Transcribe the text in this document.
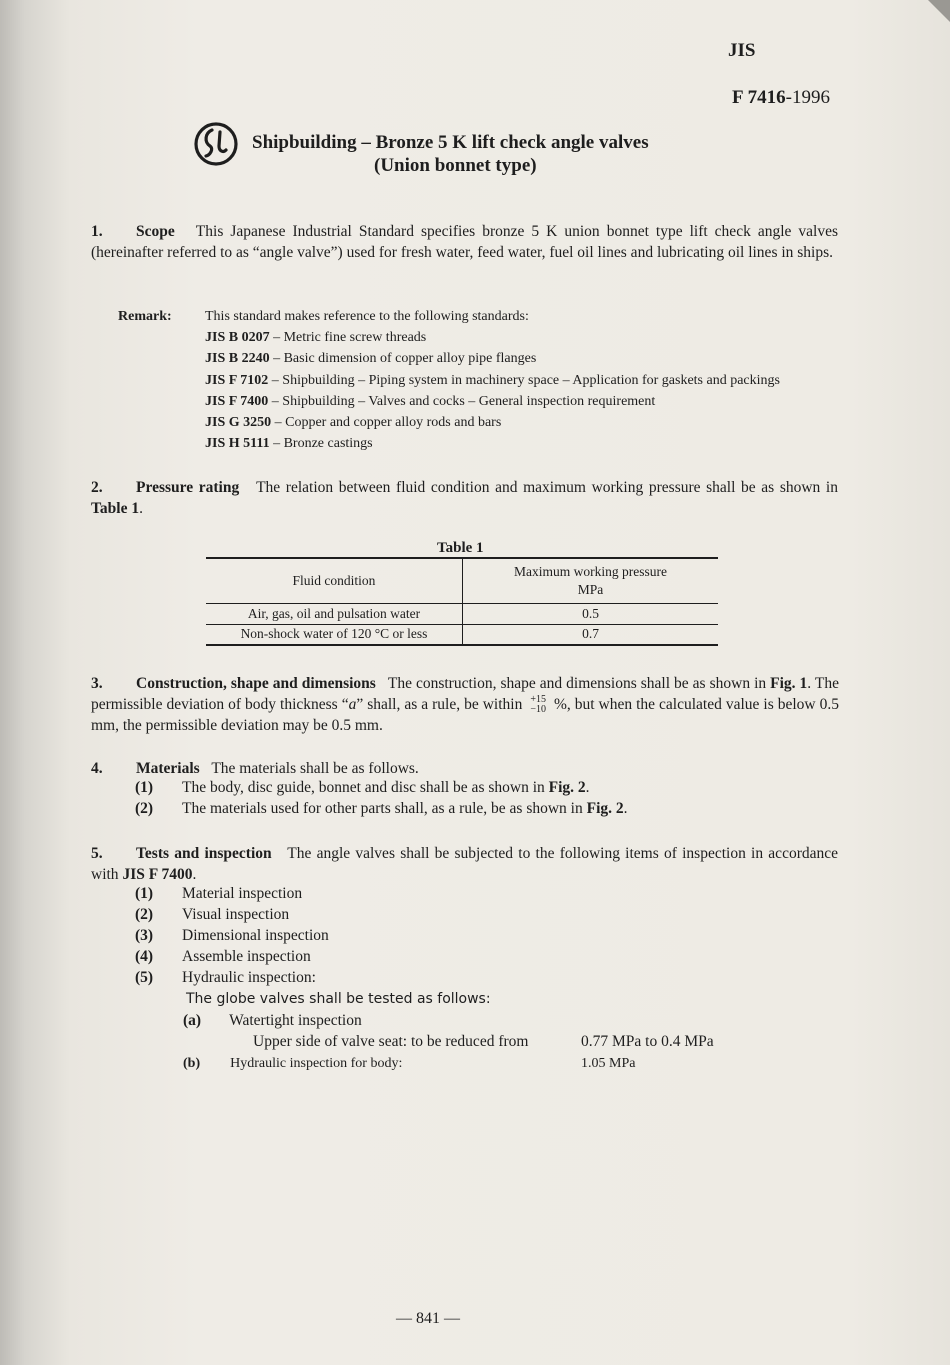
JIS
F 7416-1996
Shipbuilding – Bronze 5 K lift check angle valves
(Union bonnet type)
1. Scope This Japanese Industrial Standard specifies bronze 5 K union bonnet type lift check angle valves (hereinafter referred to as “angle valve”) used for fresh water, feed water, fuel oil lines and lubricating oil lines in ships.
Remark: This standard makes reference to the following standards:
JIS B 0207 – Metric fine screw threads
JIS B 2240 – Basic dimension of copper alloy pipe flanges
JIS F 7102 – Shipbuilding – Piping system in machinery space – Application for gaskets and packings
JIS F 7400 – Shipbuilding – Valves and cocks – General inspection requirement
JIS G 3250 – Copper and copper alloy rods and bars
JIS H 5111 – Bronze castings
2. Pressure rating The relation between fluid condition and maximum working pressure shall be as shown in Table 1.
Table 1
Fluid condition	Maximum working pressure
MPa
Air, gas, oil and pulsation water	0.5
Non-shock water of 120 °C or less	0.7
3. Construction, shape and dimensions The construction, shape and dimensions shall be as shown in Fig. 1. The permissible deviation of body thickness “a” shall, as a rule, be within +15
−10 %, but when the calculated value is below 0.5 mm, the permissible deviation may be 0.5 mm.
4. Materials The materials shall be as follows.
(1) The body, disc guide, bonnet and disc shall be as shown in Fig. 2.
(2) The materials used for other parts shall, as a rule, be as shown in Fig. 2.
5. Tests and inspection The angle valves shall be subjected to the following items of inspection in accordance with JIS F 7400.
(1) Material inspection
(2) Visual inspection
(3) Dimensional inspection
(4) Assemble inspection
(5) Hydraulic inspection:
The globe valves shall be tested as follows:
(a) Watertight inspection
Upper side of valve seat: to be reduced from	0.77 MPa to 0.4 MPa
(b) Hydraulic inspection for body:	1.05 MPa
— 841 —
